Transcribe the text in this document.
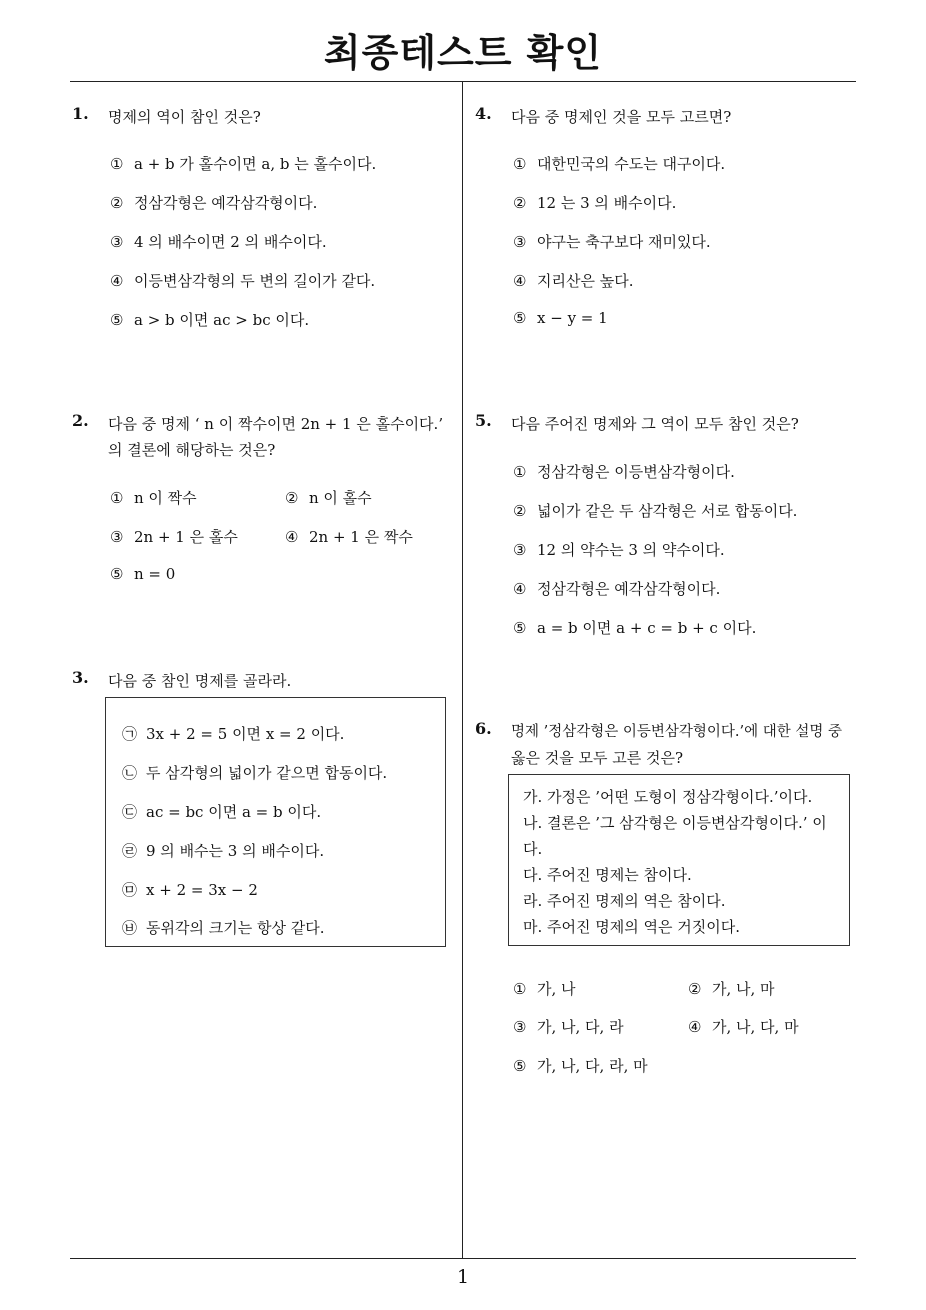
최종테스트 확인
1. 명제의 역이 참인 것은?
① a + b 가 홀수이면 a, b 는 홀수이다.
② 정삼각형은 예각삼각형이다.
③ 4 의 배수이면 2 의 배수이다.
④ 이등변삼각형의 두 변의 길이가 같다.
⑤ a > b 이면 ac > bc 이다.
2. 다음 중 명제 ‘ n 이 짝수이면 2n + 1 은 홀수이다.’
의 결론에 해당하는 것은?
① n 이 짝수	② n 이 홀수
③ 2n + 1 은 홀수	④ 2n + 1 은 짝수
⑤ n = 0
3. 다음 중 참인 명제를 골라라.
㉠ 3x + 2 = 5 이면 x = 2 이다.
㉡ 두 삼각형의 넓이가 같으면 합동이다.
㉢ ac = bc 이면 a = b 이다.
㉣ 9 의 배수는 3 의 배수이다.
㉤ x + 2 = 3x − 2
㉥ 동위각의 크기는 항상 같다.
4. 다음 중 명제인 것을 모두 고르면?
① 대한민국의 수도는 대구이다.
② 12 는 3 의 배수이다.
③ 야구는 축구보다 재미있다.
④ 지리산은 높다.
⑤ x − y = 1
5. 다음 주어진 명제와 그 역이 모두 참인 것은?
① 정삼각형은 이등변삼각형이다.
② 넓이가 같은 두 삼각형은 서로 합동이다.
③ 12 의 약수는 3 의 약수이다.
④ 정삼각형은 예각삼각형이다.
⑤ a = b 이면 a + c = b + c 이다.
6. 명제 ’정삼각형은 이등변삼각형이다.’에 대한 설명 중
옳은 것을 모두 고른 것은?
가. 가정은 ’어떤 도형이 정삼각형이다.’이다.
나. 결론은 ’그 삼각형은 이등변삼각형이다.’ 이
다.
다. 주어진 명제는 참이다.
라. 주어진 명제의 역은 참이다.
마. 주어진 명제의 역은 거짓이다.
① 가, 나	② 가, 나, 마
③ 가, 나, 다, 라	④ 가, 나, 다, 마
⑤ 가, 나, 다, 라, 마
1
